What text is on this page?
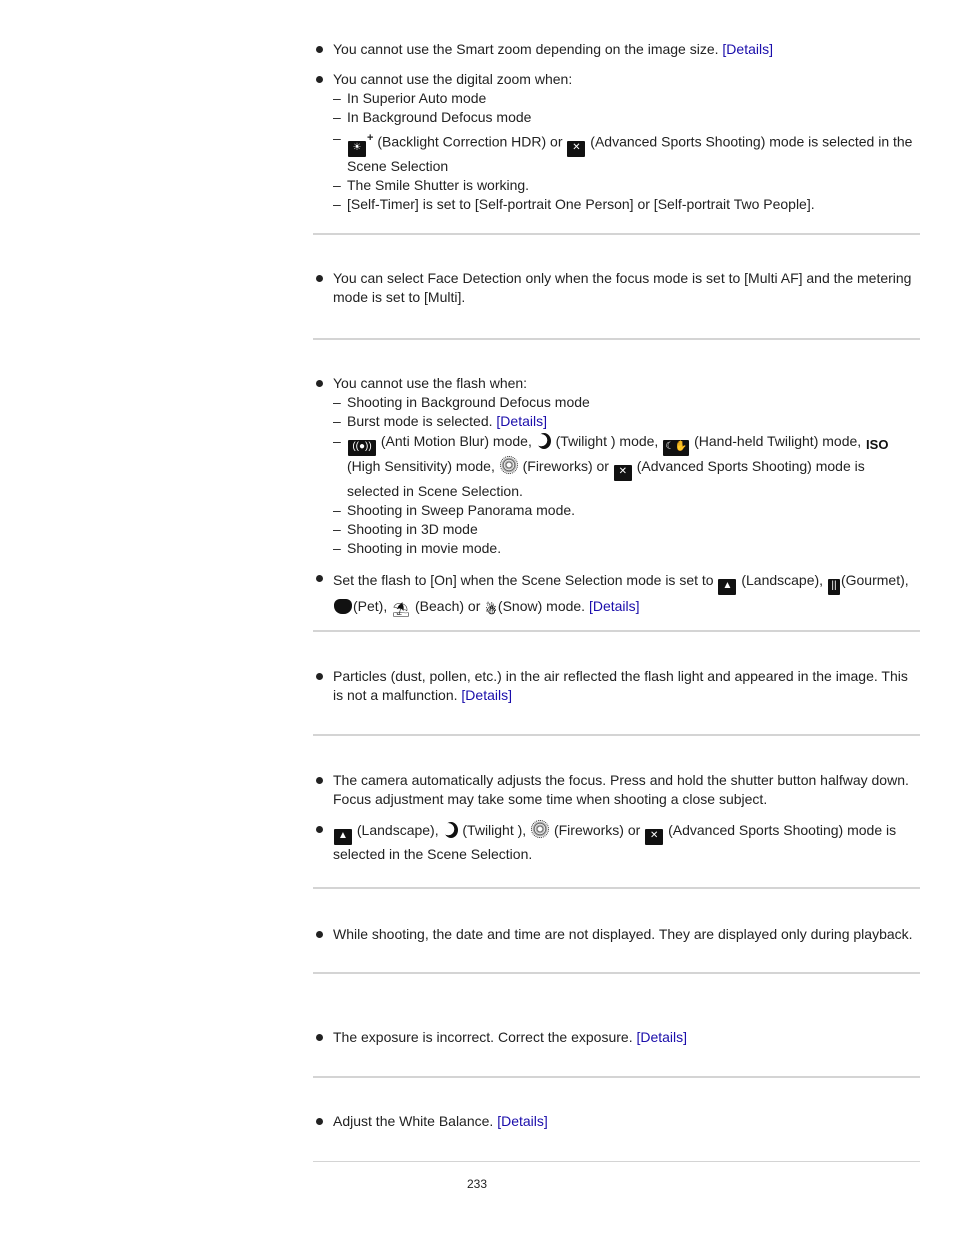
You cannot use the Smart zoom depending on the image size. [Details]
You cannot use the digital zoom when:
– In Superior Auto mode
– In Background Defocus mode
–
☀+ (Backlight Correction HDR) or ✕ (Advanced Sports Shooting) mode is selected in the Scene Selection
– The Smile Shutter is working.
– [Self-Timer] is set to [Self-portrait One Person] or [Self-portrait Two People].
You can select Face Detection only when the focus mode is set to [Multi AF] and the metering mode is set to [Multi].
You cannot use the flash when:
– Shooting in Background Defocus mode
– Burst mode is selected. [Details]
– ((●)) (Anti Motion Blur) mode, (Twilight ) mode, ☾✋ (Hand-held Twilight) mode, ISO (High Sensitivity) mode, (Fireworks) or ✕ (Advanced Sports Shooting) mode is selected in Scene Selection.
– Shooting in Sweep Panorama mode.
– Shooting in 3D mode
– Shooting in movie mode.
Set the flash to [On] when the Scene Selection mode is set to ▲ (Landscape), || (Gourmet), (Pet), ⛱ (Beach) or ☃(Snow) mode. [Details]
Particles (dust, pollen, etc.) in the air reflected the flash light and appeared in the image. This is not a malfunction. [Details]
The camera automatically adjusts the focus. Press and hold the shutter button halfway down. Focus adjustment may take some time when shooting a close subject.
▲ (Landscape), (Twilight ), (Fireworks) or ✕ (Advanced Sports Shooting) mode is selected in the Scene Selection.
While shooting, the date and time are not displayed. They are displayed only during playback.
The exposure is incorrect. Correct the exposure. [Details]
Adjust the White Balance. [Details]
233
